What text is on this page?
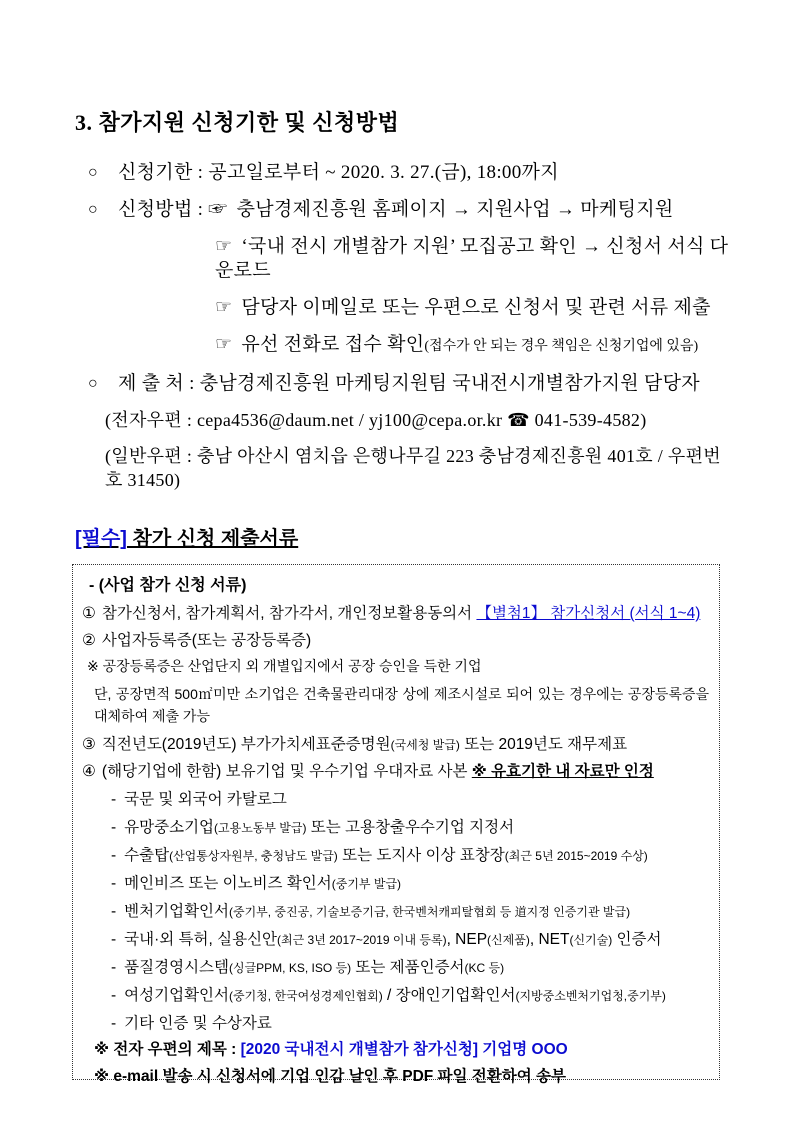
3. 참가지원 신청기한 및 신청방법
○	신청기한 : 공고일로부터 ~ 2020. 3. 27.(금), 18:00까지
○	신청방법 : ☞ 충남경제진흥원 홈페이지 → 지원사업 → 마케팅지원
☞ ‘국내 전시 개별참가 지원’ 모집공고 확인 → 신청서 서식 다운로드
☞ 담당자 이메일로 또는 우편으로 신청서 및 관련 서류 제출
☞ 유선 전화로 접수 확인(접수가 안 되는 경우 책임은 신청기업에 있음)
○	제 출 처 : 충남경제진흥원 마케팅지원팀 국내전시개별참가지원 담당자
(전자우편 : cepa4536@daum.net / yj100@cepa.or.kr ☎ 041-539-4582)
(일반우편 : 충남 아산시 염치읍 은행나무길 223 충남경제진흥원 401호 / 우편번호 31450)
[필수] 참가 신청 제출서류
- (사업 참가 신청 서류)
① 참가신청서, 참가계획서, 참가각서, 개인정보활용동의서 【별첨1】 참가신청서 (서식 1~4)
② 사업자등록증(또는 공장등록증)
※ 공장등록증은 산업단지 외 개별입지에서 공장 승인을 득한 기업
단, 공장면적 500㎡미만 소기업은 건축물관리대장 상에 제조시설로 되어 있는 경우에는 공장등록증을 대체하여 제출 가능
③ 직전년도(2019년도) 부가가치세표준증명원(국세청 발급) 또는 2019년도 재무제표
④ (해당기업에 한함) 보유기업 및 우수기업 우대자료 사본 ※ 유효기한 내 자료만 인정
- 국문 및 외국어 카탈로그
- 유망중소기업(고용노동부 발급) 또는 고용창출우수기업 지정서
- 수출탑(산업통상자원부, 충청남도 발급) 또는 도지사 이상 표창장(최근 5년 2015~2019 수상)
- 메인비즈 또는 이노비즈 확인서(중기부 발급)
- 벤처기업확인서(중기부, 중진공, 기술보증기금, 한국벤처캐피탈협회 등 道지정 인증기관 발급)
- 국내·외 특허, 실용신안(최근 3년 2017~2019 이내 등록), NEP(신제품), NET(신기술) 인증서
- 품질경영시스템(싱글PPM, KS, ISO 등) 또는 제품인증서(KC 등)
- 여성기업확인서(중기청, 한국여성경제인협회) / 장애인기업확인서(지방중소벤처기업청,중기부)
- 기타 인증 및 수상자료
※ 전자 우편의 제목 : [2020 국내전시 개별참가 참가신청] 기업명 OOO
※ e-mail 발송 시 신청서에 기업 인감 날인 후 PDF 파일 전환하여 송부
